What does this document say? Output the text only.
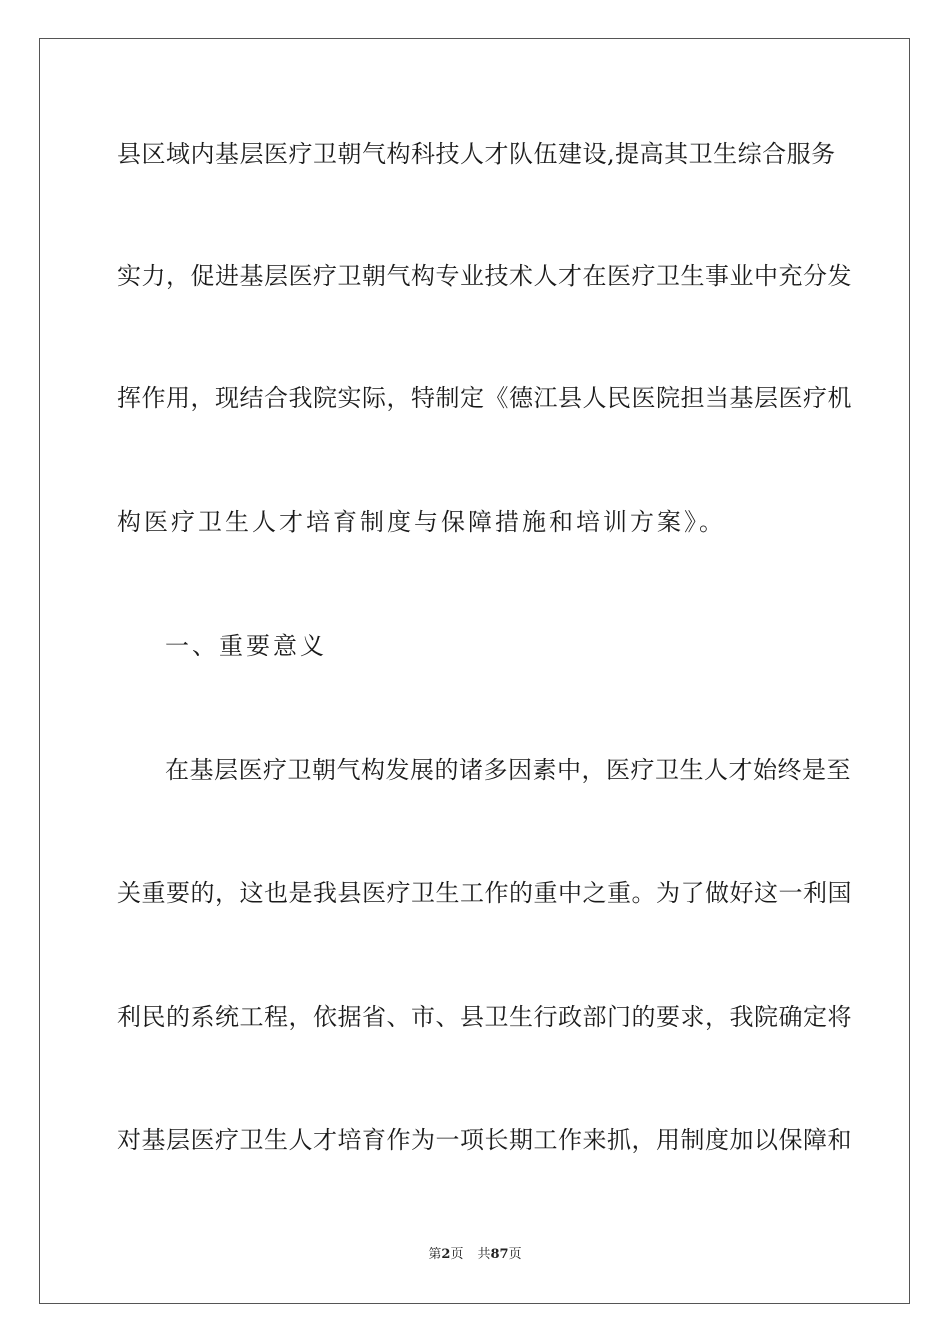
县区域内基层医疗卫朝气构科技人才队伍建设,提高其卫生综合服务
实力，促进基层医疗卫朝气构专业技术人才在医疗卫生事业中充分发
挥作用，现结合我院实际，特制定《德江县人民医院担当基层医疗机
构医疗卫生人才培育制度与保障措施和培训方案》。
一、重要意义
在基层医疗卫朝气构发展的诸多因素中，医疗卫生人才始终是至
关重要的，这也是我县医疗卫生工作的重中之重。为了做好这一利国
利民的系统工程，依据省、市、县卫生行政部门的要求，我院确定将
对基层医疗卫生人才培育作为一项长期工作来抓，用制度加以保障和
第2页 共87页
